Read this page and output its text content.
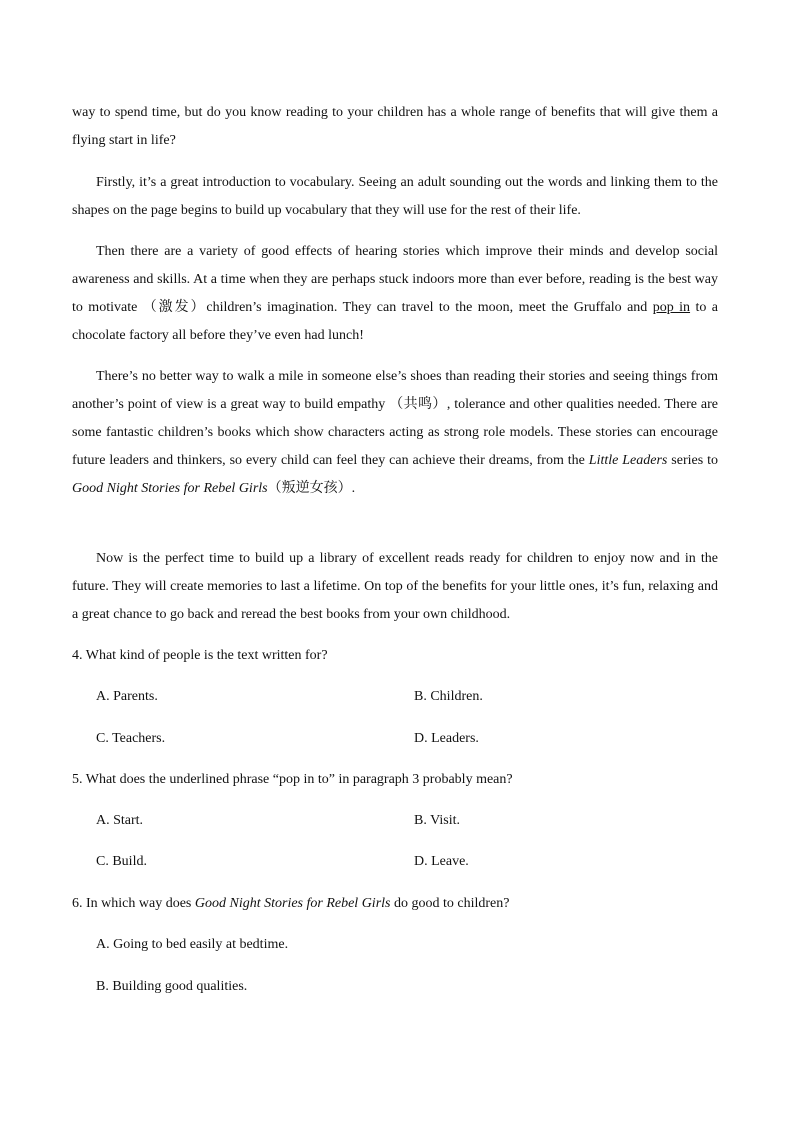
way to spend time, but do you know reading to your children has a whole range of benefits that will give them a flying start in life?

Firstly, it’s a great introduction to vocabulary. Seeing an adult sounding out the words and linking them to the shapes on the page begins to build up vocabulary that they will use for the rest of their life.

Then there are a variety of good effects of hearing stories which improve their minds and develop social awareness and skills. At a time when they are perhaps stuck indoors more than ever before, reading is the best way to motivate （激发）children’s imagination. They can travel to the moon, meet the Gruffalo and pop in to a chocolate factory all before they’ve even had lunch!

There’s no better way to walk a mile in someone else’s shoes than reading their stories and seeing things from another’s point of view is a great way to build empathy （共鸣）, tolerance and other qualities needed. There are some fantastic children’s books which show characters acting as strong role models. These stories can encourage future leaders and thinkers, so every child can feel they can achieve their dreams, from the Little Leaders series to Good Night Stories for Rebel Girls（叛逆女孩）.

Now is the perfect time to build up a library of excellent reads ready for children to enjoy now and in the future. They will create memories to last a lifetime. On top of the benefits for your little ones, it’s fun, relaxing and a great chance to go back and reread the best books from your own childhood.

4. What kind of people is the text written for?

A. Parents.	B. Children.
C. Teachers.	D. Leaders.

5. What does the underlined phrase “pop in to” in paragraph 3 probably mean?

A. Start.	B. Visit.
C. Build.	D. Leave.

6. In which way does Good Night Stories for Rebel Girls do good to children?

A. Going to bed easily at bedtime.
B. Building good qualities.
